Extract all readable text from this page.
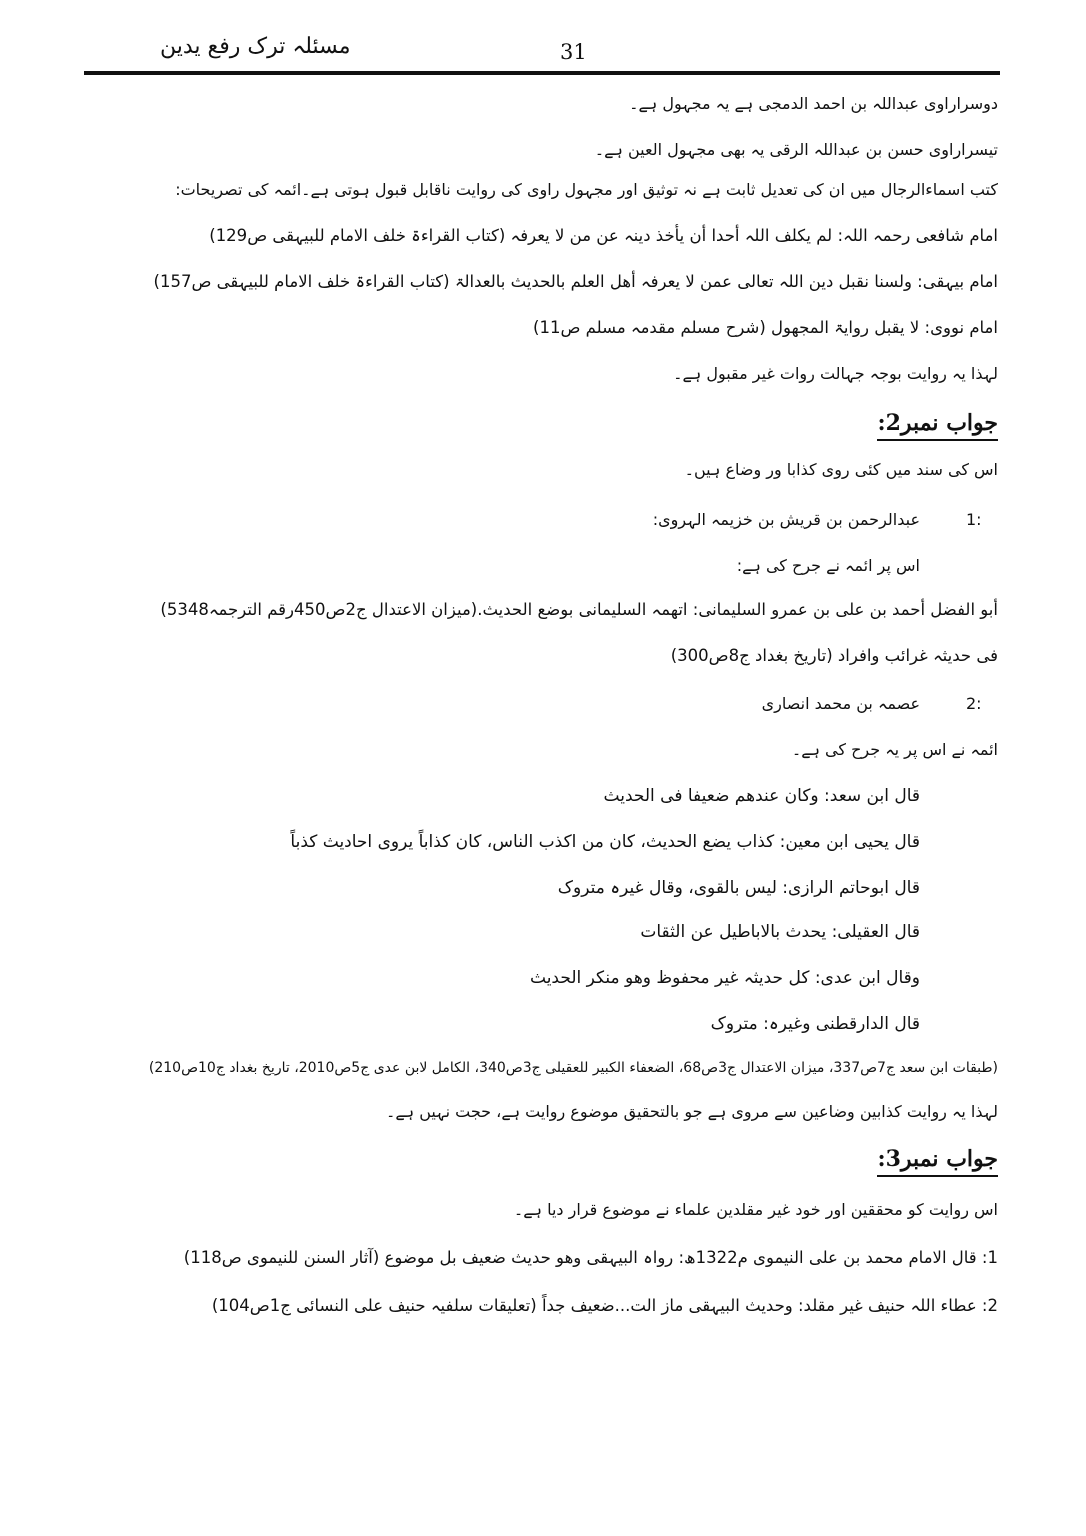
مسئلہ ترک رفع یدین	31
دوسراراوی عبداللہ بن احمد الدمجی ہے یہ مجہول ہے۔
تیسراراوی حسن بن عبداللہ الرقی یہ بھی مجہول العین ہے۔
کتب اسماءالرجال میں ان کی تعدیل ثابت ہے نہ توثیق اور مجہول راوی کی روایت ناقابل قبول ہوتی ہے۔ائمہ کی تصریحات:
امام شافعی رحمہ اللہ: لم یکلف اللہ أحدا أن یأخذ دینہ عن من لا یعرفہ (کتاب القراءۃ خلف الامام للبیہقی ص129)
امام بیہقی: ولسنا نقبل دین اللہ تعالی عمن لا یعرفہ أھل العلم بالحدیث بالعدالۃ (کتاب القراءۃ خلف الامام للبیہقی ص157)
امام نووی: لا یقبل روایۃ المجھول (شرح مسلم مقدمہ مسلم ص11)
لہذا یہ روایت بوجہ جہالت روات غیر مقبول ہے۔
جواب نمبر2:
اس کی سند میں کئی روی کذابا ور وضاع ہیں۔
1:
عبدالرحمن بن قریش بن خزیمہ الہروی:
اس پر ائمہ نے جرح کی ہے:
أبو الفضل أحمد بن علی بن عمرو السلیمانی: اتھمہ السلیمانی بوضع الحدیث.(میزان الاعتدال ج2ص450رقم الترجمہ5348)
فی حدیثہ غرائب وافراد (تاریخ بغداد ج8ص300)
2:
عصمہ بن محمد انصاری
ائمہ نے اس پر یہ جرح کی ہے۔
قال ابن سعد: وکان عندھم ضعیفا فی الحدیث
قال یحیی ابن معین: کذاب یضع الحدیث، کان من اکذب الناس، کان کذاباً یروی احادیث کذباً
قال ابوحاتم الرازی: لیس بالقوی، وقال غیرہ متروک
قال العقیلی: یحدث بالاباطیل عن الثقات
وقال ابن عدی: کل حدیثہ غیر محفوظ وھو منکر الحدیث
قال الدارقطنی وغیرہ: متروک
(طبقات ابن سعد ج7ص337، میزان الاعتدال ج3ص68، الضعفاء الکبیر للعقیلی ج3ص340، الکامل لابن عدی ج5ص2010، تاریخ بغداد ج10ص210)
لہذا یہ روایت کذابین وضاعین سے مروی ہے جو بالتحقیق موضوع روایت ہے، حجت نہیں ہے۔
جواب نمبر3:
اس روایت کو محققین اور خود غیر مقلدین علماء نے موضوع قرار دیا ہے۔
1: قال الامام محمد بن علی النیموی م1322ھ: رواہ البیہقی وھو حدیث ضعیف بل موضوع (آثار السنن للنیموی ص118)
2: عطاء اللہ حنیف غیر مقلد: وحدیث البیہقی ماز الت...ضعیف جداً (تعلیقات سلفیہ حنیف علی النسائی ج1ص104)
